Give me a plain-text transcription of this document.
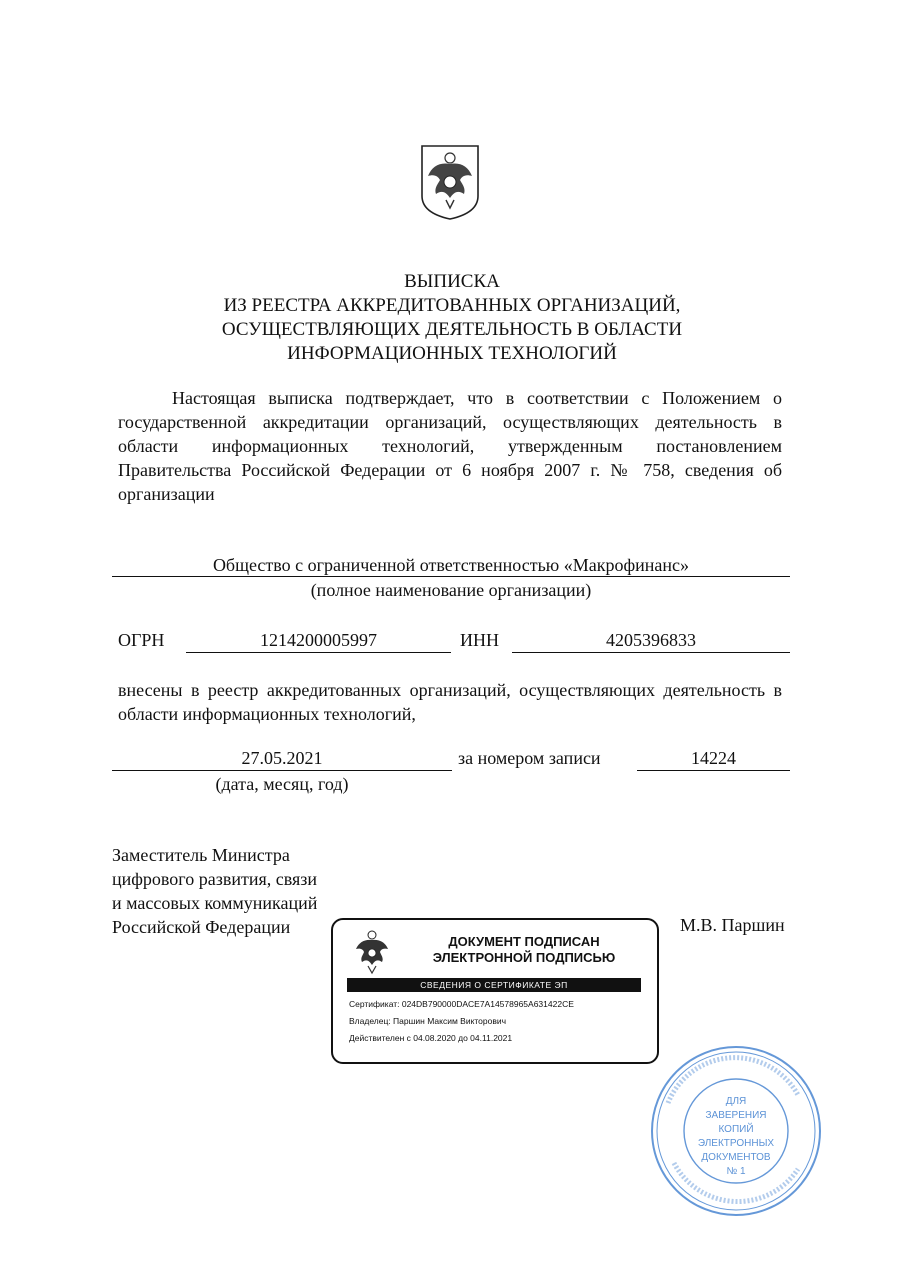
ВЫПИСКА
ИЗ РЕЕСТРА АККРЕДИТОВАННЫХ ОРГАНИЗАЦИЙ,
ОСУЩЕСТВЛЯЮЩИХ ДЕЯТЕЛЬНОСТЬ В ОБЛАСТИ
ИНФОРМАЦИОННЫХ ТЕХНОЛОГИЙ
Настоящая выписка подтверждает, что в соответствии с Положением о государственной аккредитации организаций, осуществляющих деятельность в области информационных технологий, утвержденным постановлением Правительства Российской Федерации от 6 ноября 2007 г. № 758, сведения об организации
Общество с ограниченной ответственностью «Макрофинанс»
(полное наименование организации)
ОГРН	1214200005997	ИНН	4205396833
внесены в реестр аккредитованных организаций, осуществляющих деятельность в области информационных технологий,
27.05.2021	за номером записи	14224
(дата, месяц, год)
Заместитель Министра
цифрового развития, связи
и массовых коммуникаций
Российской Федерации	М.В. Паршин
ДОКУМЕНТ ПОДПИСАН
ЭЛЕКТРОННОЙ ПОДПИСЬЮ
СВЕДЕНИЯ О СЕРТИФИКАТЕ ЭП
Сертификат: 024DB790000DACE7A14578965A631422CE
Владелец: Паршин Максим Викторович
Действителен с 04.08.2020 до 04.11.2021
ДЛЯ
ЗАВЕРЕНИЯ
КОПИЙ
ЭЛЕКТРОННЫХ
ДОКУМЕНТОВ
№ 1
